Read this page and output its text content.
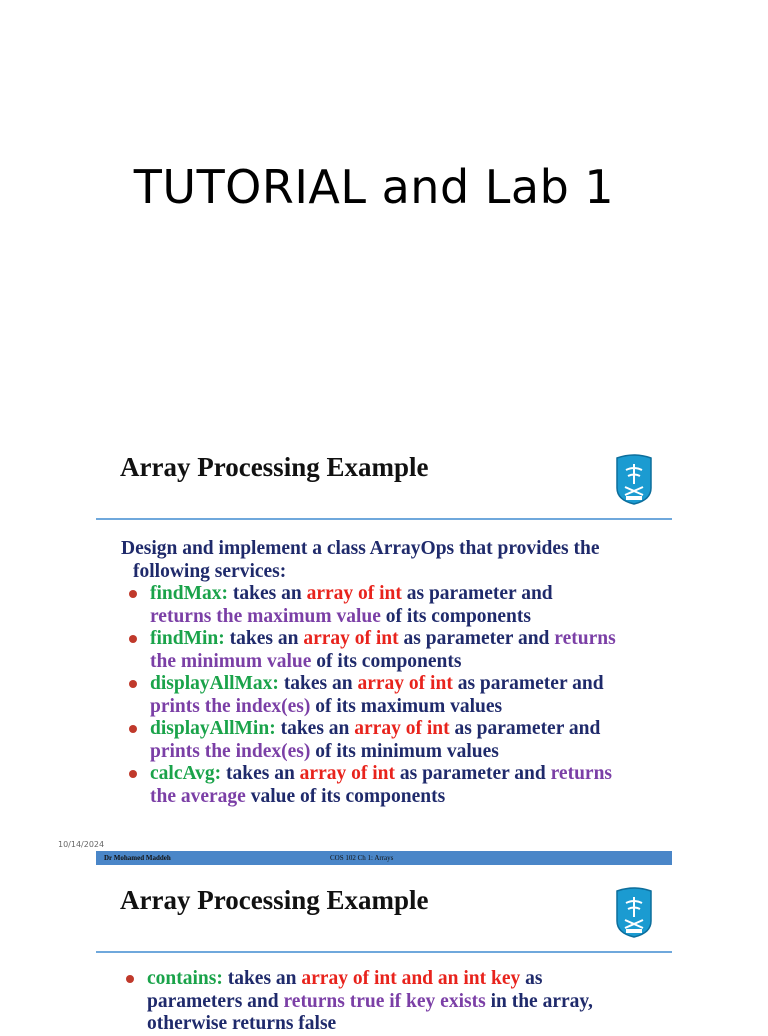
TUTORIAL and Lab 1
Array Processing Example
Design and implement a class ArrayOps that provides the
following services:
findMax: takes an array of int as parameter and
returns the maximum value of its components
findMin: takes an array of int as parameter and returns
the minimum value of its components
displayAllMax: takes an array of int as parameter and
prints the index(es) of its maximum values
displayAllMin: takes an array of int as parameter and
prints the index(es) of its minimum values
calcAvg: takes an array of int as parameter and returns
the average value of its components
10/14/2024
Dr Mohamed Maddeh	COS 102 Ch 1: Arrays
Array Processing Example
contains: takes an array of int and an int key as
parameters and returns true if key exists in the array,
otherwise returns false
